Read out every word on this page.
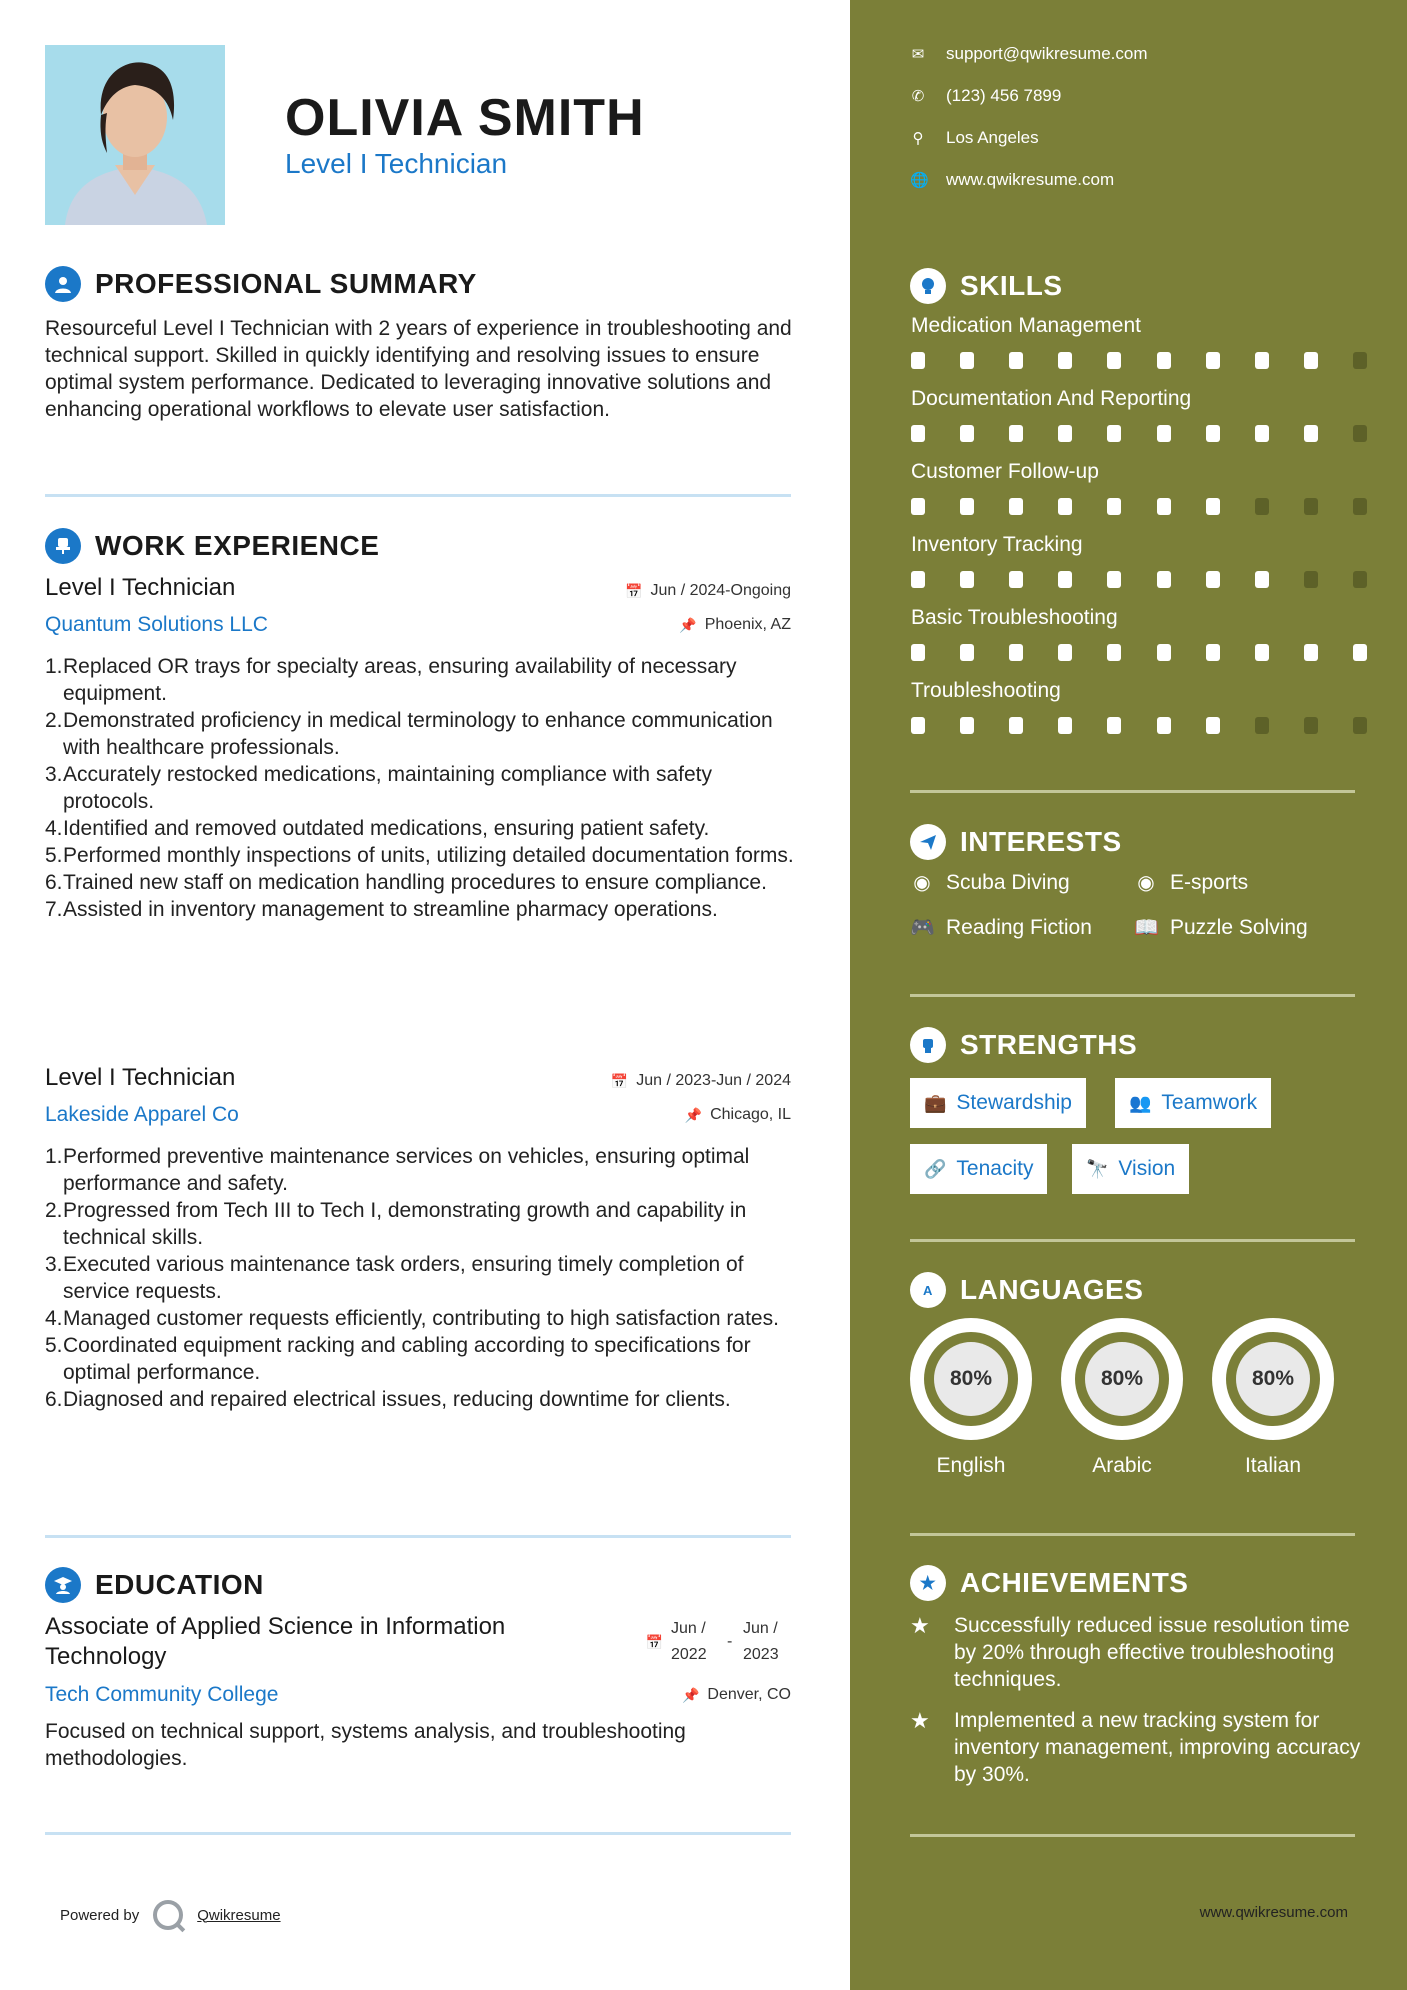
OLIVIA SMITH
Level I Technician
PROFESSIONAL SUMMARY
Resourceful Level I Technician with 2 years of experience in troubleshooting and technical support. Skilled in quickly identifying and resolving issues to ensure optimal system performance. Dedicated to leveraging innovative solutions and enhancing operational workflows to elevate user satisfaction.
WORK EXPERIENCE
Level I Technician	📅 Jun / 2024-Ongoing
Quantum Solutions LLC	📌 Phoenix, AZ
1. Replaced OR trays for specialty areas, ensuring availability of necessary equipment.
2. Demonstrated proficiency in medical terminology to enhance communication with healthcare professionals.
3. Accurately restocked medications, maintaining compliance with safety protocols.
4. Identified and removed outdated medications, ensuring patient safety.
5. Performed monthly inspections of units, utilizing detailed documentation forms.
6. Trained new staff on medication handling procedures to ensure compliance.
7. Assisted in inventory management to streamline pharmacy operations.
Level I Technician	📅 Jun / 2023-Jun / 2024
Lakeside Apparel Co	📌 Chicago, IL
1. Performed preventive maintenance services on vehicles, ensuring optimal performance and safety.
2. Progressed from Tech III to Tech I, demonstrating growth and capability in technical skills.
3. Executed various maintenance task orders, ensuring timely completion of service requests.
4. Managed customer requests efficiently, contributing to high satisfaction rates.
5. Coordinated equipment racking and cabling according to specifications for optimal performance.
6. Diagnosed and repaired electrical issues, reducing downtime for clients.
EDUCATION
Associate of Applied Science in Information Technology
📅
Jun / 2022
-
Jun / 2023
Tech Community College	📌 Denver, CO
Focused on technical support, systems analysis, and troubleshooting methodologies.
Powered by	Qwikresume
✉ support@qwikresume.com
✆ (123) 456 7899
⚲ Los Angeles
🌐 www.qwikresume.com
SKILLS
Medication Management
Documentation And Reporting
Customer Follow-up
Inventory Tracking
Basic Troubleshooting
Troubleshooting
INTERESTS
◉ Scuba Diving	◉ E-sports
🎮 Reading Fiction 📖 Puzzle Solving
STRENGTHS
💼 Stewardship	👥 Teamwork
🔗 Tenacity	🔭 Vision
A LANGUAGES
80%
English
80%
Arabic
80%
Italian
★ ACHIEVEMENTS
★	Successfully reduced issue resolution time by 20% through effective troubleshooting techniques.
★	Implemented a new tracking system for inventory management, improving accuracy by 30%.
www.qwikresume.com
